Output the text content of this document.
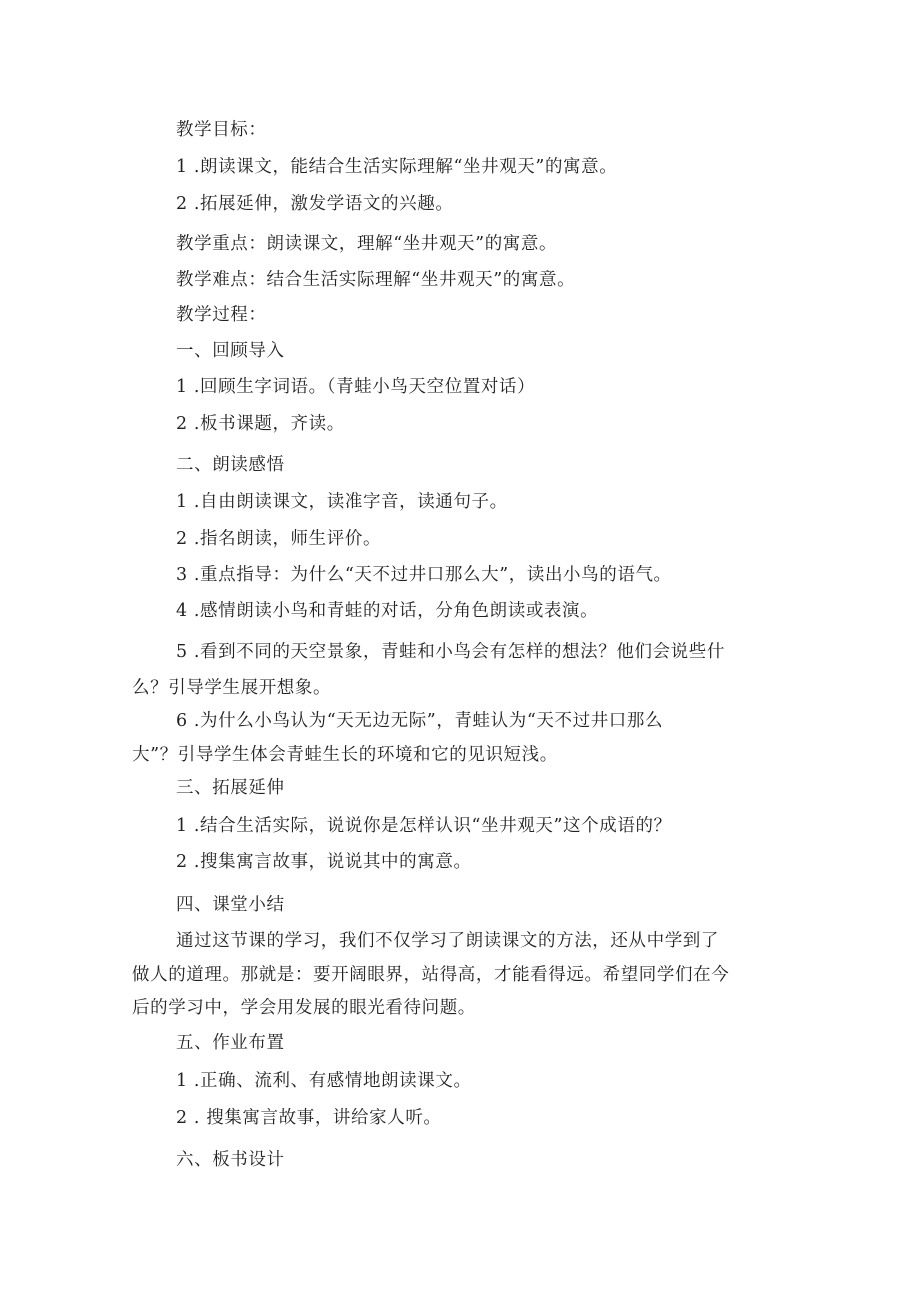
教学目标：
1 .朗读课文，能结合生活实际理解“坐井观天”的寓意。
2 .拓展延伸，激发学语文的兴趣。
教学重点：朗读课文，理解“坐井观天”的寓意。
教学难点：结合生活实际理解“坐井观天”的寓意。
教学过程：
一、回顾导入
1 .回顾生字词语。（青蛙小鸟天空位置对话）
2 .板书课题，齐读。
二、朗读感悟
1 .自由朗读课文，读准字音，读通句子。
2 .指名朗读，师生评价。
3 .重点指导：为什么“天不过井口那么大”，读出小鸟的语气。
4 .感情朗读小鸟和青蛙的对话，分角色朗读或表演。
5 .看到不同的天空景象，青蛙和小鸟会有怎样的想法？他们会说些什
么？引导学生展开想象。
6 .为什么小鸟认为“天无边无际”，青蛙认为“天不过井口那么
大”？引导学生体会青蛙生长的环境和它的见识短浅。
三、拓展延伸
1 .结合生活实际，说说你是怎样认识“坐井观天”这个成语的？
2 .搜集寓言故事，说说其中的寓意。
四、课堂小结
通过这节课的学习，我们不仅学习了朗读课文的方法，还从中学到了
做人的道理。那就是：要开阔眼界，站得高，才能看得远。希望同学们在今
后的学习中，学会用发展的眼光看待问题。
五、作业布置
1 .正确、流利、有感情地朗读课文。
2 . 搜集寓言故事，讲给家人听。
六、板书设计
